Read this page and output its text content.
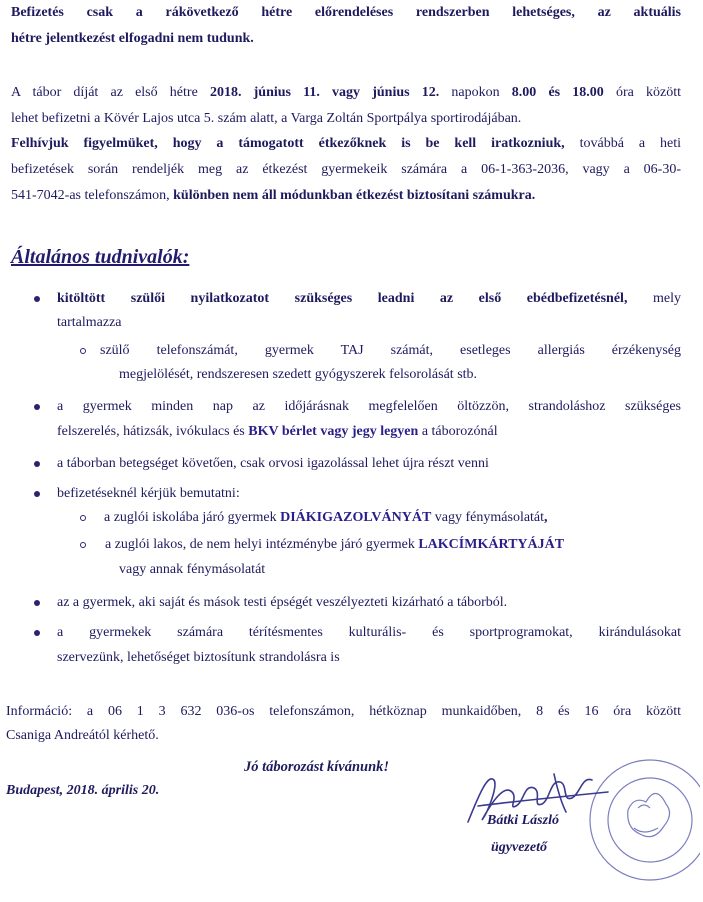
Befizetés csak a rákövetkező hétre előrendeléses rendszerben lehetséges, az aktuális
hétre jelentkezést elfogadni nem tudunk.
A tábor díját az első hétre 2018. június 11. vagy június 12. napokon 8.00 és 18.00 óra között
lehet befizetni a Kövér Lajos utca 5. szám alatt, a Varga Zoltán Sportpálya sportirodájában.
Felhívjuk figyelmüket, hogy a támogatott étkezőknek is be kell iratkozniuk, továbbá a heti
befizetések során rendeljék meg az étkezést gyermekeik számára a 06-1-363-2036, vagy a 06-30-
541-7042-as telefonszámon, különben nem áll módunkban étkezést biztosítani számukra.
Általános tudnivalók:
kitöltött szülői nyilatkozatot szükséges leadni az első ebédbefizetésnél, mely
tartalmazza
szülő telefonszámát, gyermek TAJ számát, esetleges allergiás érzékenység
megjelölését, rendszeresen szedett gyógyszerek felsorolását stb.
a gyermek minden nap az időjárásnak megfelelően öltözzön, strandoláshoz szükséges
felszerelés, hátizsák, ivókulacs és BKV bérlet vagy jegy legyen a táborozónál
a táborban betegséget követően, csak orvosi igazolással lehet újra részt venni
befizetéseknél kérjük bemutatni:
a zuglói iskolába járó gyermek DIÁKIGAZOLVÁNYÁT vagy fénymásolatát,
a zuglói lakos, de nem helyi intézménybe járó gyermek LAKCÍMKÁRTYÁJÁT
vagy annak fénymásolatát
az a gyermek, aki saját és mások testi épségét veszélyezteti kizárható a táborból.
a gyermekek számára térítésmentes kulturális- és sportprogramokat, kirándulásokat
szervezünk, lehetőséget biztosítunk strandolásra is
Információ: a 06 1 3 632 036-os telefonszámon, hétköznap munkaidőben, 8 és 16 óra között
Csaniga Andreától kérhető.
Jó táborozást kívánunk!
Budapest, 2018. április 20.
Bátki László
ügyvezető
